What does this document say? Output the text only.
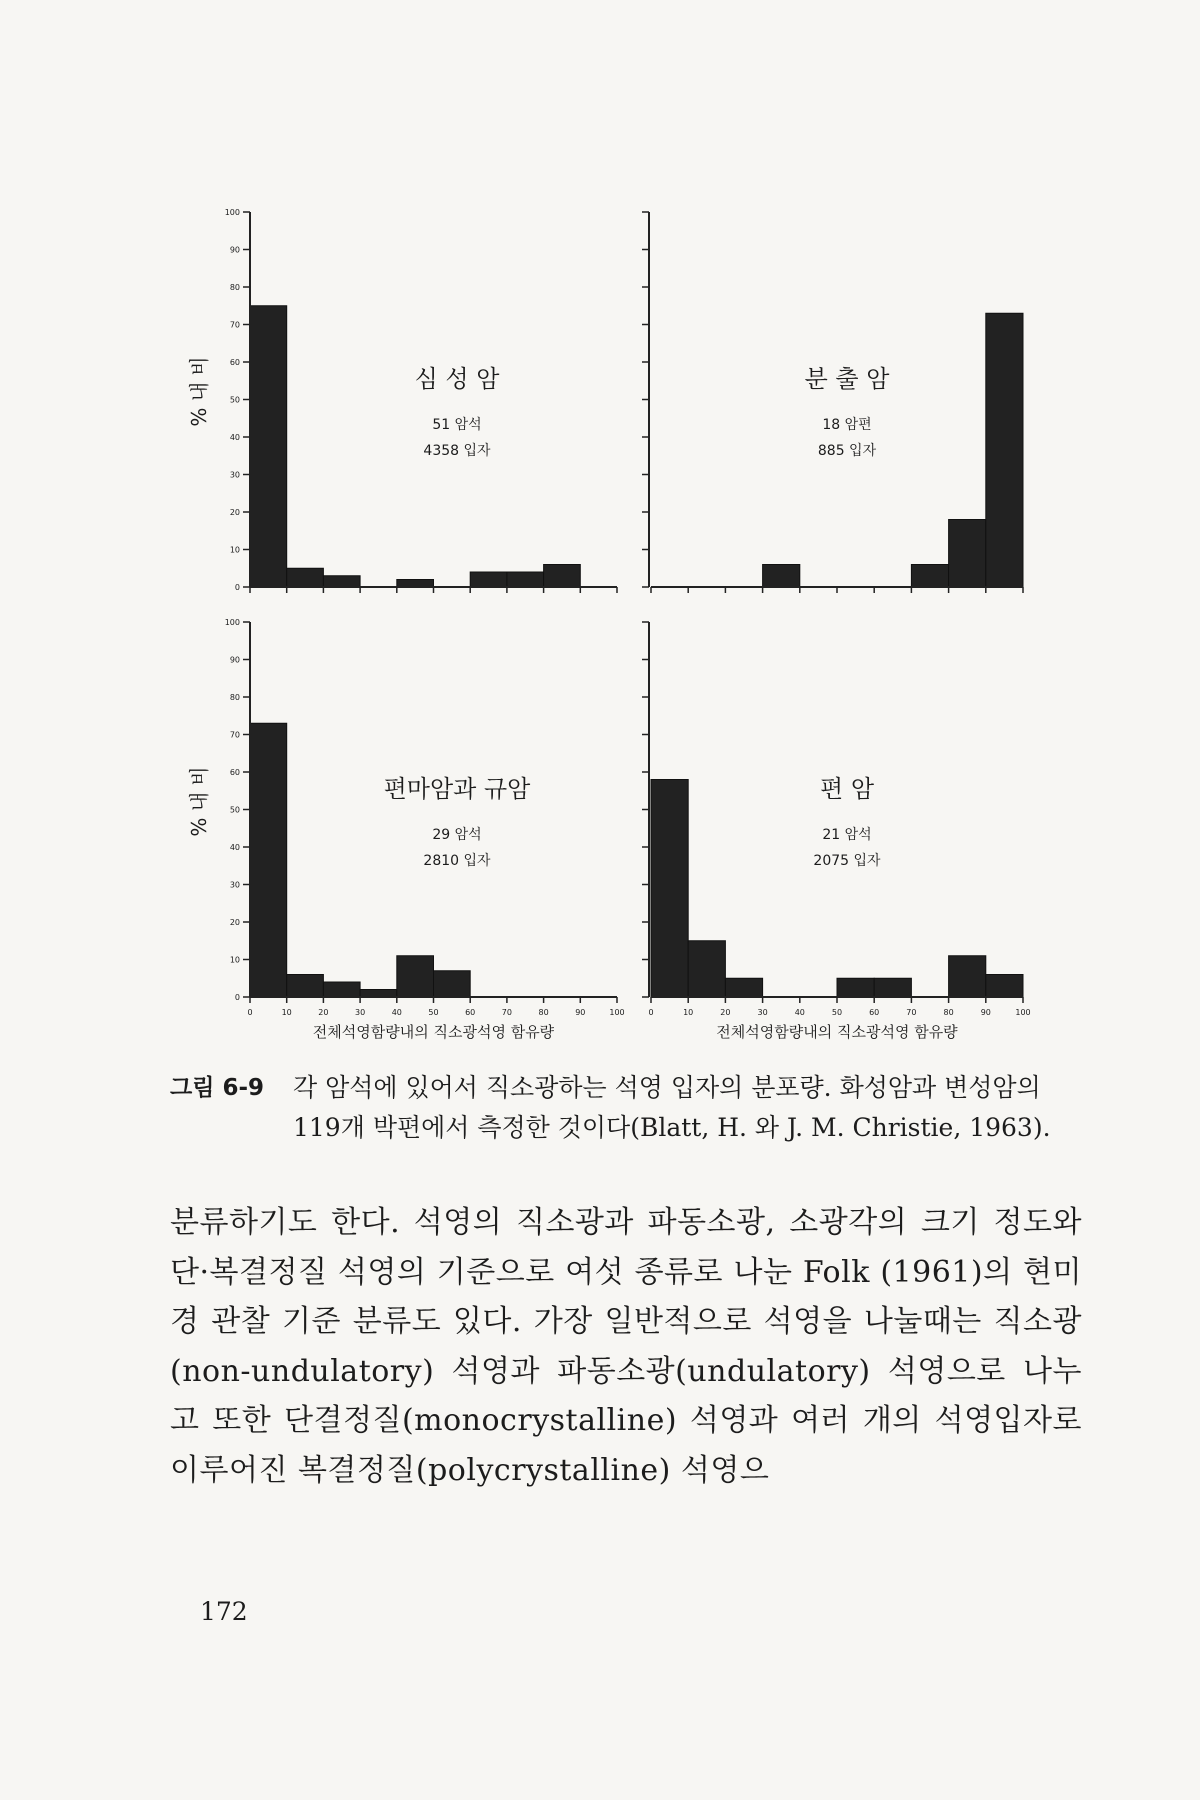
0
10
20
30
40
50
60
70
80
90
100
% 내 비	심 성 암
51 암석
4358 입자
분 출 암
18 암편
885 입자
0
10
20
30
40
50
60
70
80
90
100
0	10	20	30	40	50	60	70	80	90	100
% 내 비
전체석영함량내의 직소광석영 함유량
편마암과 규암
29 암석
2810 입자
0	10	20	30	40	50	60	70	80	90	100
전체석영함량내의 직소광석영 함유량
편 암
21 암석
2075 입자
그림 6-9 각 암석에 있어서 직소광하는 석영 입자의 분포량. 화성암과 변성암의 119개 박편에서 측정한 것이다(Blatt, H. 와 J. M. Christie, 1963).
분류하기도 한다. 석영의 직소광과 파동소광, 소광각의 크기 정도와 단·복결정질 석영의 기준으로 여섯 종류로 나눈 Folk (1961)의 현미경 관찰 기준 분류도 있다. 가장 일반적으로 석영을 나눌때는 직소광(non-undulatory) 석영과 파동소광(undulatory) 석영으로 나누고 또한 단결정질(monocrystalline) 석영과 여러 개의 석영입자로 이루어진 복결정질(polycrystalline) 석영으
172
